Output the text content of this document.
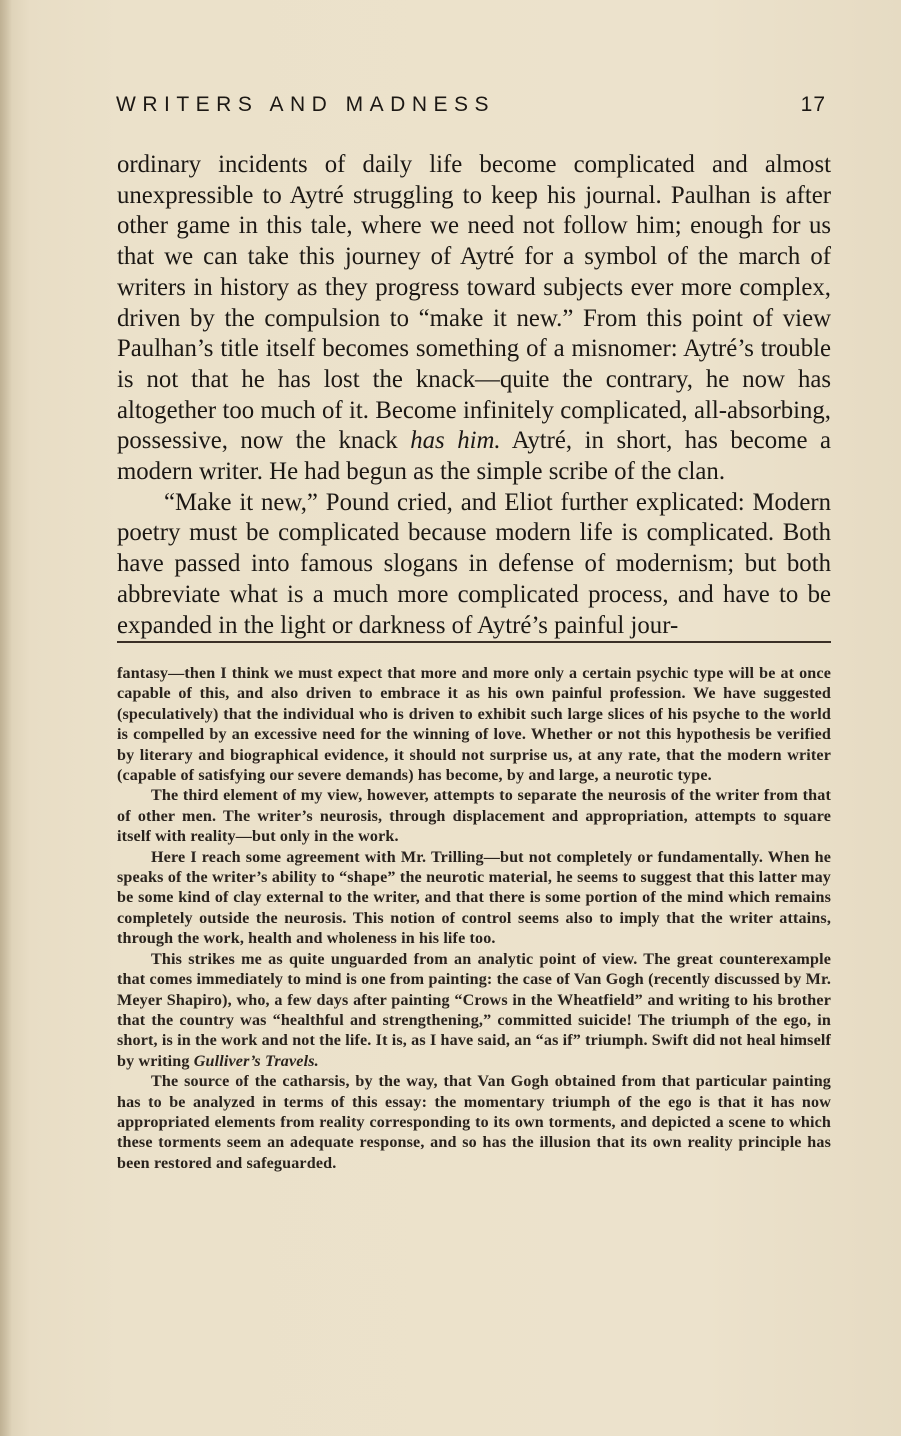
WRITERS AND MADNESS	17

ordinary incidents of daily life become complicated and almost unexpressible to Aytré struggling to keep his journal. Paulhan is after other game in this tale, where we need not follow him; enough for us that we can take this journey of Aytré for a symbol of the march of writers in history as they progress toward subjects ever more complex, driven by the compulsion to “make it new.” From this point of view Paulhan’s title itself becomes something of a misnomer: Aytré’s trouble is not that he has lost the knack—quite the contrary, he now has altogether too much of it. Become infinitely complicated, all-absorbing, possessive, now the knack has him. Aytré, in short, has become a modern writer. He had begun as the simple scribe of the clan.

“Make it new,” Pound cried, and Eliot further explicated: Modern poetry must be complicated because modern life is complicated. Both have passed into famous slogans in defense of modernism; but both abbreviate what is a much more complicated process, and have to be expanded in the light or darkness of Aytré’s painful jour-

fantasy—then I think we must expect that more and more only a certain psychic type will be at once capable of this, and also driven to embrace it as his own painful profession. We have suggested (speculatively) that the individual who is driven to exhibit such large slices of his psyche to the world is compelled by an excessive need for the winning of love. Whether or not this hypothesis be verified by literary and biographical evidence, it should not surprise us, at any rate, that the modern writer (capable of satisfying our severe demands) has become, by and large, a neurotic type.

The third element of my view, however, attempts to separate the neurosis of the writer from that of other men. The writer’s neurosis, through displacement and appropriation, attempts to square itself with reality—but only in the work.

Here I reach some agreement with Mr. Trilling—but not completely or fundamentally. When he speaks of the writer’s ability to “shape” the neurotic material, he seems to suggest that this latter may be some kind of clay external to the writer, and that there is some portion of the mind which remains completely outside the neurosis. This notion of control seems also to imply that the writer attains, through the work, health and wholeness in his life too.

This strikes me as quite unguarded from an analytic point of view. The great counterexample that comes immediately to mind is one from painting: the case of Van Gogh (recently discussed by Mr. Meyer Shapiro), who, a few days after painting “Crows in the Wheatfield” and writing to his brother that the country was “healthful and strengthening,” committed suicide! The triumph of the ego, in short, is in the work and not the life. It is, as I have said, an “as if” triumph. Swift did not heal himself by writing Gulliver’s Travels.

The source of the catharsis, by the way, that Van Gogh obtained from that particular painting has to be analyzed in terms of this essay: the momentary triumph of the ego is that it has now appropriated elements from reality corresponding to its own torments, and depicted a scene to which these torments seem an adequate response, and so has the illusion that its own reality principle has been restored and safeguarded.
